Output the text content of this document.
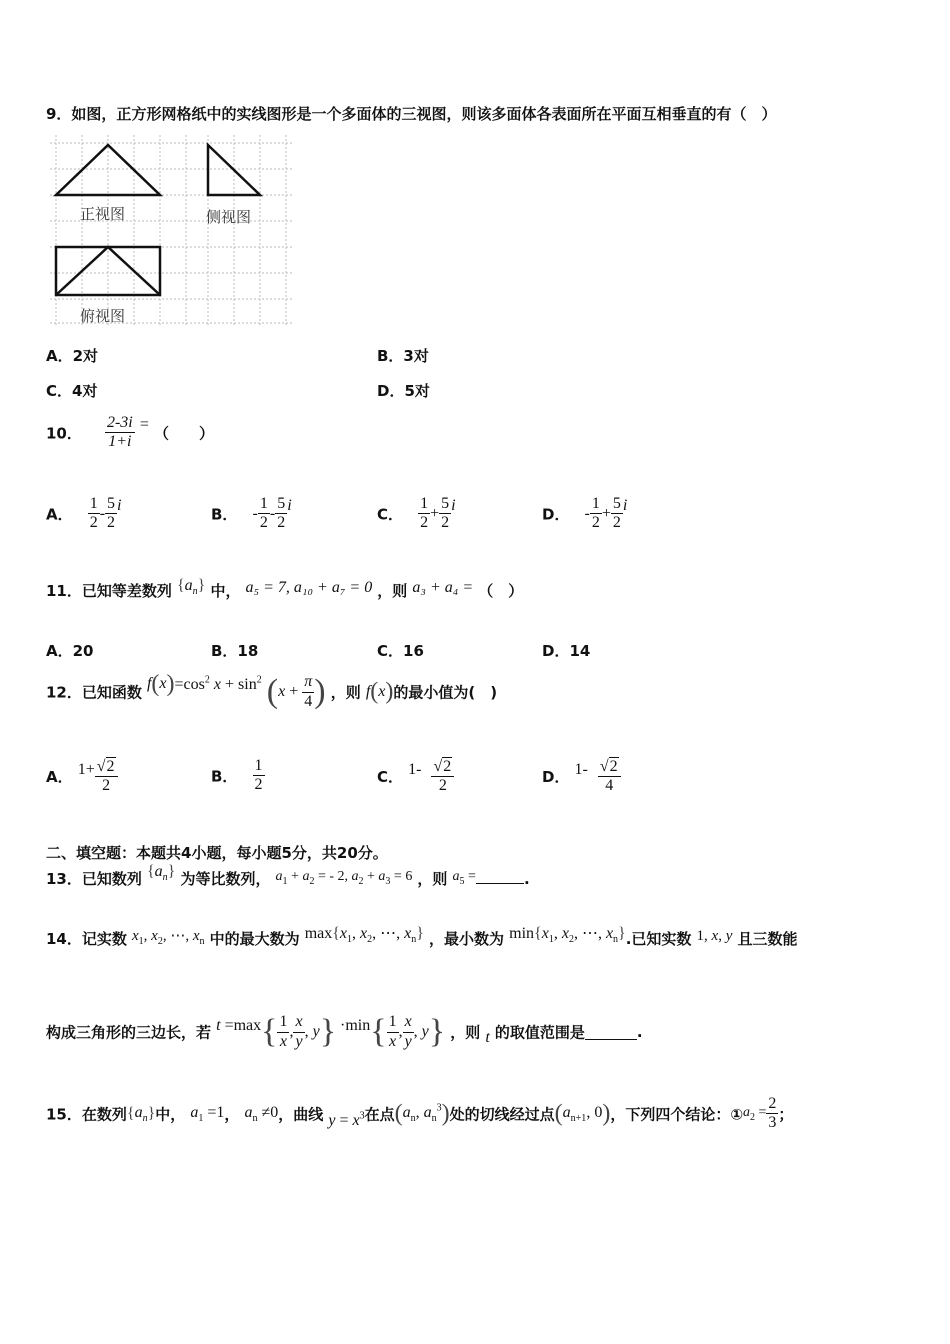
9．如图，正方形网格纸中的实线图形是一个多面体的三视图，则该多面体各表面所在平面互相垂直的有（　）
正视图	侧视图
俯视图
A．2对	B．3对
C．4对	D．5对
10． $\frac{2-3i}{1+i}$ = （　　）
A． $\frac{1}{2} - \frac{5}{2}$ i	B． - $\frac{1}{2} - \frac{5}{2}$ i	C． $\frac{1}{2} + \frac{5}{2}$ i	D． - $\frac{1}{2} + \frac{5}{2}$ i
11．已知等差数列 $\{a_n\}$ 中， a₅ = 7, a₁₀ + a₇ = 0 ，则 a₃ + a₄ = （　）
A．20	B．18	C．16	D．14
12．已知函数 $f(x)=\cos^2$ $x + \sin^2 (x + \frac{\pi}{4}$ ) ，则 f(x)的最小值为(　)
A． $1+ \frac{√2}{2}$	B． $\frac{1}{2}$	C． $1- \frac{√2}{2}$	D． $1- \frac{√2}{4}$
二、填空题：本题共4小题，每小题5分，共20分。
13．已知数列 $\{a_n\}$ 为等比数列， $a_1 + a_2$ = - 2, $a_2 + a_3 = 6$ ，则 $a_5$ =	.
14．记实数 $x_1$, $x_2$, ⋯, $x_n$ 中的最大数为 $\max\{x_1$, $x_2$, ⋯, $x_n$} ，最小数为 $\min\{x_1$, $x_2$, ⋯, $x_n$}.已知实数 1, x, y 且三数能
构成三角形的三边长，若 $t =\max\{ \frac{1}{x}$ , $\frac{x}{y}$ , $y\} \cdot\min\{ \frac{1}{x}$ , $\frac{x}{y}$ , y} ，则 t 的取值范围是	.
15．在数列$\{a_n\}$中， $a_1 =1$， $a_n \ne 0$，曲线 $y = x^3$在点($a_n$, $a_n^3$)处的切线经过点($a_{n+1}$, 0)，下列四个结论：$①a_2 = \frac{2}{3}$ ；
